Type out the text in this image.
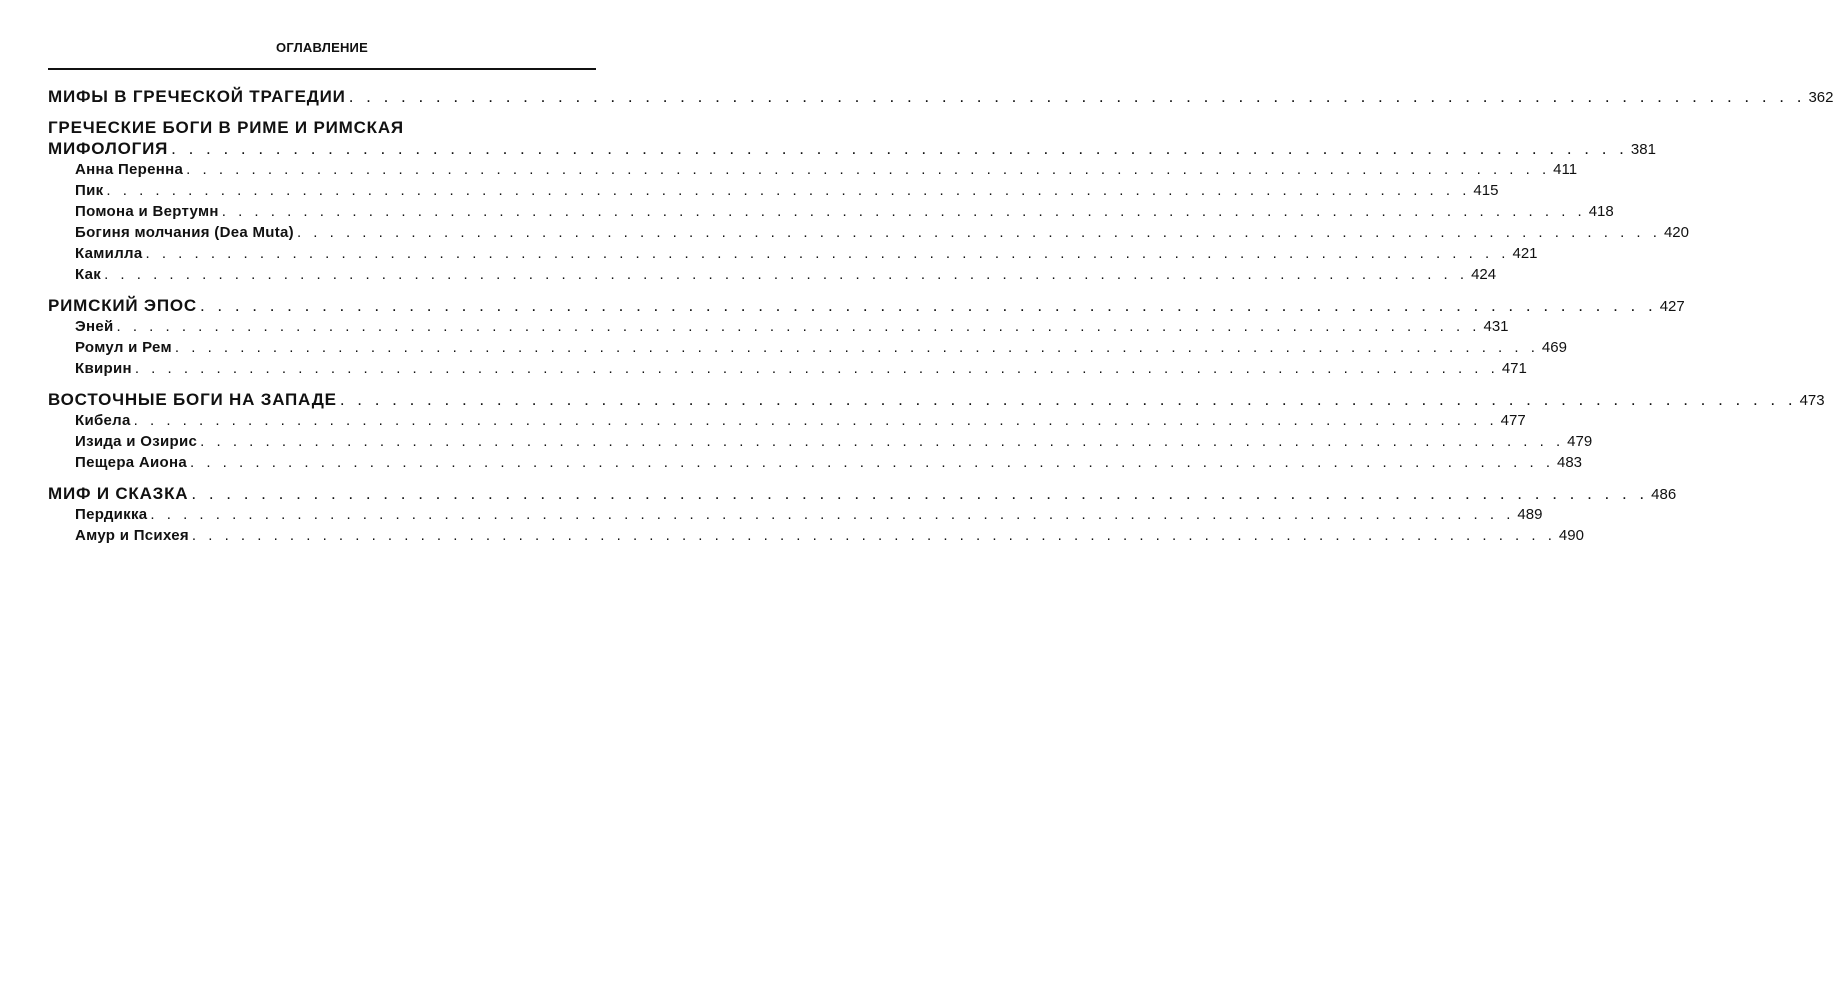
ОГЛАВЛЕНИЕ
МИФЫ В ГРЕЧЕСКОЙ ТРАГЕДИИ . . . . . . . . . . . . . . . . . . . . . . . . . . . . . . . . . . . . . . . . . . . . . . . . . . . . . . . . . . . . . . . . . . . . . . . . . . . . . . . . . . . . 362
ГРЕЧЕСКИЕ БОГИ В РИМЕ И РИМСКАЯ
МИФОЛОГИЯ . . . . . . . . . . . . . . . . . . . . . . . . . . . . . . . . . . . . . . . . . . . . . . . . . . . . . . . . . . . . . . . . . . . . . . . . . . . . . . . . . . . . 381
Анна Перенна . . . . . . . . . . . . . . . . . . . . . . . . . . . . . . . . . . . . . . . . . . . . . . . . . . . . . . . . . . . . . . . . . . . . . . . . . . . . . . . . . . . . 411
Пик . . . . . . . . . . . . . . . . . . . . . . . . . . . . . . . . . . . . . . . . . . . . . . . . . . . . . . . . . . . . . . . . . . . . . . . . . . . . . . . . . . . . 415
Помона и Вертумн . . . . . . . . . . . . . . . . . . . . . . . . . . . . . . . . . . . . . . . . . . . . . . . . . . . . . . . . . . . . . . . . . . . . . . . . . . . . . . . . . . . . 418
Богиня молчания (Dea Muta) . . . . . . . . . . . . . . . . . . . . . . . . . . . . . . . . . . . . . . . . . . . . . . . . . . . . . . . . . . . . . . . . . . . . . . . . . . . . . . . . . . . . 420
Камилла . . . . . . . . . . . . . . . . . . . . . . . . . . . . . . . . . . . . . . . . . . . . . . . . . . . . . . . . . . . . . . . . . . . . . . . . . . . . . . . . . . . . 421
Как . . . . . . . . . . . . . . . . . . . . . . . . . . . . . . . . . . . . . . . . . . . . . . . . . . . . . . . . . . . . . . . . . . . . . . . . . . . . . . . . . . . . 424
РИМСКИЙ ЭПОС . . . . . . . . . . . . . . . . . . . . . . . . . . . . . . . . . . . . . . . . . . . . . . . . . . . . . . . . . . . . . . . . . . . . . . . . . . . . . . . . . . . . 427
Эней . . . . . . . . . . . . . . . . . . . . . . . . . . . . . . . . . . . . . . . . . . . . . . . . . . . . . . . . . . . . . . . . . . . . . . . . . . . . . . . . . . . . 431
Ромул и Рем . . . . . . . . . . . . . . . . . . . . . . . . . . . . . . . . . . . . . . . . . . . . . . . . . . . . . . . . . . . . . . . . . . . . . . . . . . . . . . . . . . . . 469
Квирин . . . . . . . . . . . . . . . . . . . . . . . . . . . . . . . . . . . . . . . . . . . . . . . . . . . . . . . . . . . . . . . . . . . . . . . . . . . . . . . . . . . . 471
ВОСТОЧНЫЕ БОГИ НА ЗАПАДЕ . . . . . . . . . . . . . . . . . . . . . . . . . . . . . . . . . . . . . . . . . . . . . . . . . . . . . . . . . . . . . . . . . . . . . . . . . . . . . . . . . . . . 473
Кибела . . . . . . . . . . . . . . . . . . . . . . . . . . . . . . . . . . . . . . . . . . . . . . . . . . . . . . . . . . . . . . . . . . . . . . . . . . . . . . . . . . . . 477
Изида и Озирис . . . . . . . . . . . . . . . . . . . . . . . . . . . . . . . . . . . . . . . . . . . . . . . . . . . . . . . . . . . . . . . . . . . . . . . . . . . . . . . . . . . . 479
Пещера Аиона . . . . . . . . . . . . . . . . . . . . . . . . . . . . . . . . . . . . . . . . . . . . . . . . . . . . . . . . . . . . . . . . . . . . . . . . . . . . . . . . . . . . 483
МИФ И СКАЗКА . . . . . . . . . . . . . . . . . . . . . . . . . . . . . . . . . . . . . . . . . . . . . . . . . . . . . . . . . . . . . . . . . . . . . . . . . . . . . . . . . . . . 486
Пердикка . . . . . . . . . . . . . . . . . . . . . . . . . . . . . . . . . . . . . . . . . . . . . . . . . . . . . . . . . . . . . . . . . . . . . . . . . . . . . . . . . . . . 489
Амур и Психея . . . . . . . . . . . . . . . . . . . . . . . . . . . . . . . . . . . . . . . . . . . . . . . . . . . . . . . . . . . . . . . . . . . . . . . . . . . . . . . . . . . . 490
